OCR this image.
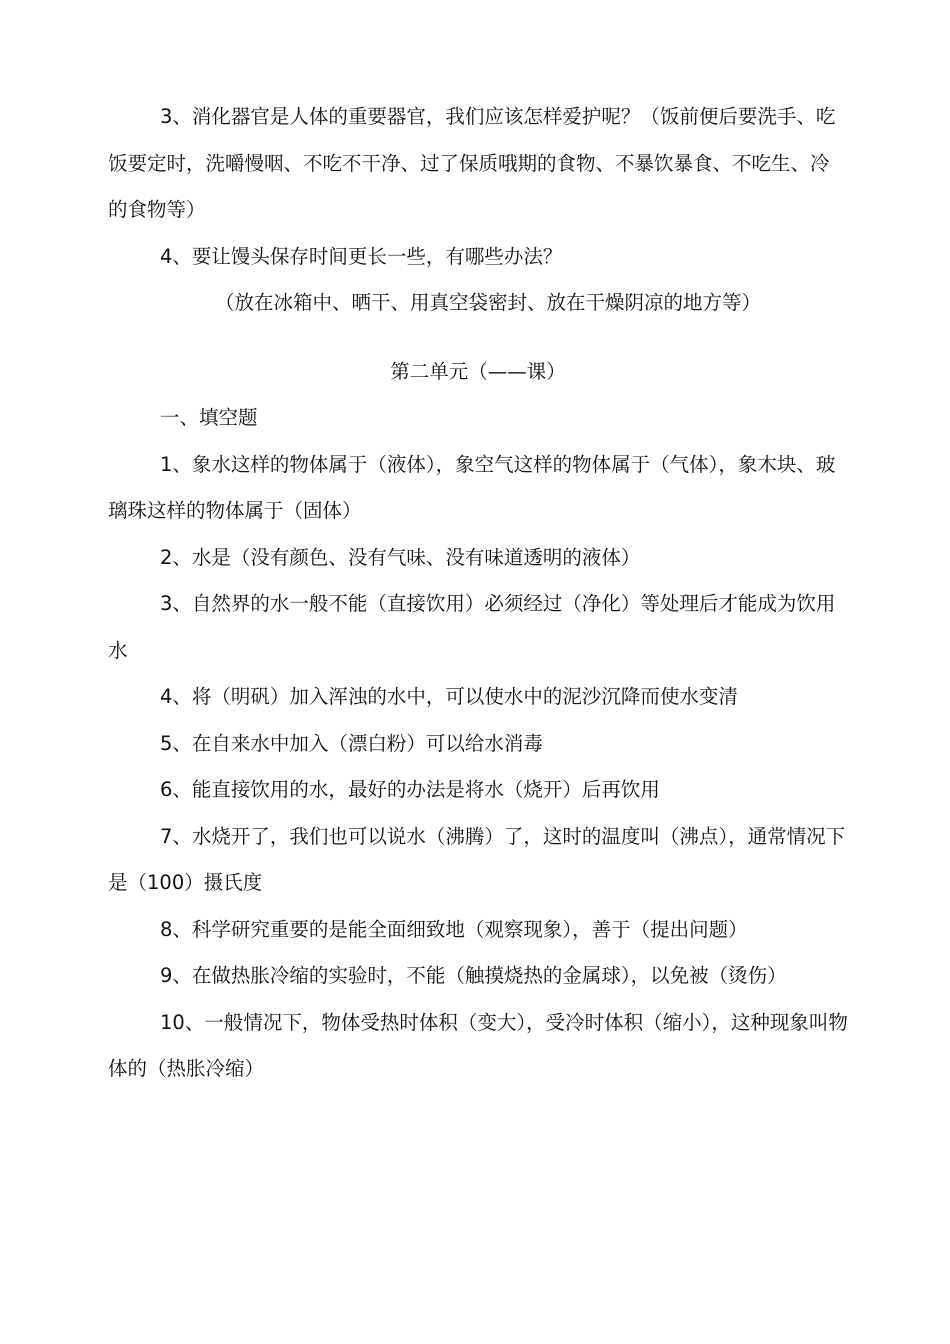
3、消化器官是人体的重要器官，我们应该怎样爱护呢？（饭前便后要洗手、吃饭要定时，洗嚼慢咽、不吃不干净、过了保质哦期的食物、不暴饮暴食、不吃生、冷的食物等）

4、要让馒头保存时间更长一些，有哪些办法？

（放在冰箱中、晒干、用真空袋密封、放在干燥阴凉的地方等）

第二单元（——课）

一、填空题

1、象水这样的物体属于（液体），象空气这样的物体属于（气体），象木块、玻璃珠这样的物体属于（固体）

2、水是（没有颜色、没有气味、没有味道透明的液体）

3、自然界的水一般不能（直接饮用）必须经过（净化）等处理后才能成为饮用水

4、将（明矾）加入浑浊的水中，可以使水中的泥沙沉降而使水变清

5、在自来水中加入（漂白粉）可以给水消毒

6、能直接饮用的水，最好的办法是将水（烧开）后再饮用

7、水烧开了，我们也可以说水（沸腾）了，这时的温度叫（沸点），通常情况下是（100）摄氏度

8、科学研究重要的是能全面细致地（观察现象），善于（提出问题）

9、在做热胀冷缩的实验时，不能（触摸烧热的金属球），以免被（烫伤）

10、一般情况下，物体受热时体积（变大），受冷时体积（缩小），这种现象叫物体的（热胀冷缩）
